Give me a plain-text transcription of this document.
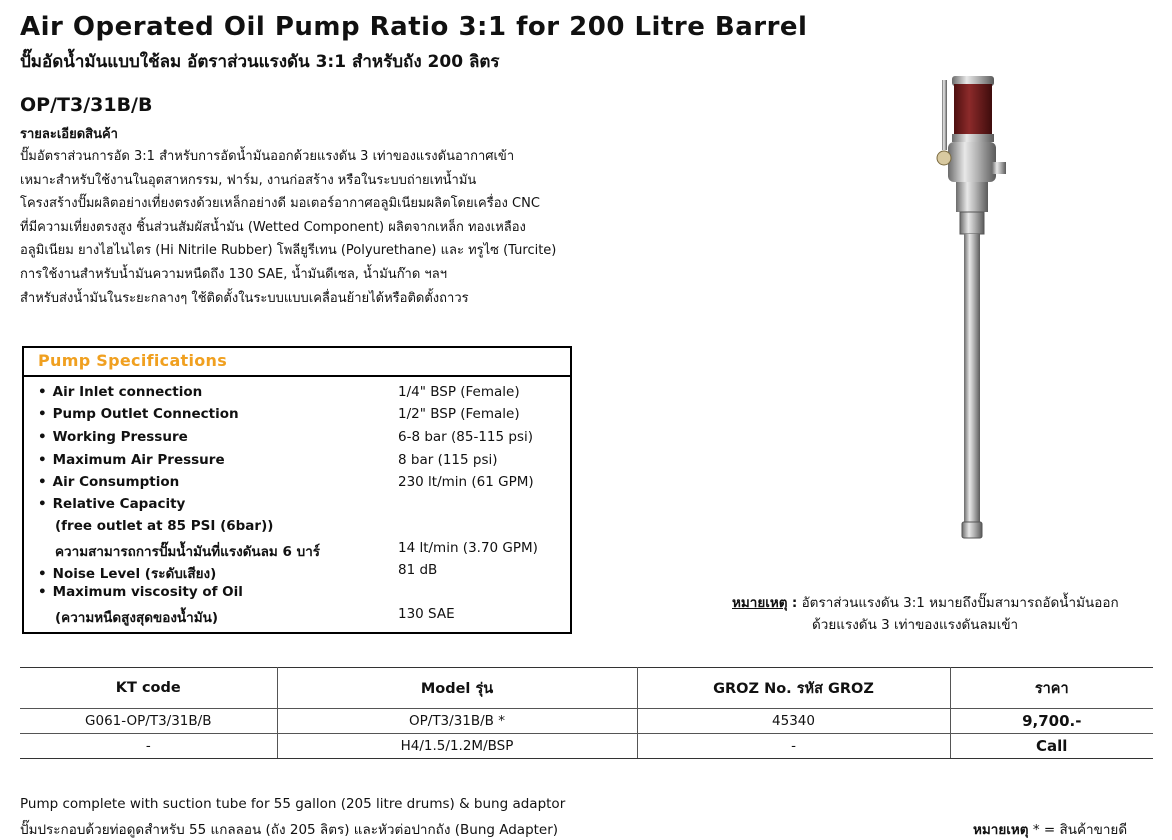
Air Operated Oil Pump Ratio 3:1 for 200 Litre Barrel
ปั๊มอัดน้ำมันแบบใช้ลม อัตราส่วนแรงดัน 3:1 สำหรับถัง 200 ลิตร
OP/T3/31B/B
รายละเอียดสินค้า
ปั๊มอัตราส่วนการอัด 3:1 สำหรับการอัดน้ำมันออกด้วยแรงดัน 3 เท่าของแรงดันอากาศเข้า
เหมาะสำหรับใช้งานในอุตสาหกรรม, ฟาร์ม, งานก่อสร้าง หรือในระบบถ่ายเทน้ำมัน
โครงสร้างปั๊มผลิตอย่างเที่ยงตรงด้วยเหล็กอย่างดี มอเตอร์อากาศอลูมิเนียมผลิตโดยเครื่อง CNC
ที่มีความเที่ยงตรงสูง ชิ้นส่วนสัมผัสน้ำมัน (Wetted Component) ผลิตจากเหล็ก ทองเหลือง
อลูมิเนียม ยางไฮไนไตร (Hi Nitrile Rubber) โพลียูรีเทน (Polyurethane) และ ทรูไซ (Turcite)
การใช้งานสำหรับน้ำมันความหนืดถึง 130 SAE, น้ำมันดีเซล, น้ำมันก๊าด ฯลฯ
สำหรับส่งน้ำมันในระยะกลางๆ ใช้ติดตั้งในระบบแบบเคลื่อนย้ายได้หรือติดตั้งถาวร
Pump Specifications
• Air Inlet connection	1/4" BSP (Female)
• Pump Outlet Connection	1/2" BSP (Female)
• Working Pressure	6-8 bar (85-115 psi)
• Maximum Air Pressure	8 bar (115 psi)
• Air Consumption	230 lt/min (61 GPM)
• Relative Capacity
(free outlet at 85 PSI (6bar))
ความสามารถการปั๊มน้ำมันที่แรงดันลม 6 บาร์	14 lt/min (3.70 GPM)
• Noise Level (ระดับเสียง)	81 dB
• Maximum viscosity of Oil
(ความหนืดสูงสุดของน้ำมัน)	130 SAE
หมายเหตุ : อัตราส่วนแรงดัน 3:1 หมายถึงปั๊มสามารถอัดน้ำมันออก
ด้วยแรงดัน 3 เท่าของแรงดันลมเข้า
KT code	Model รุ่น	GROZ No. รหัส GROZ	ราคา
G061-OP/T3/31B/B	OP/T3/31B/B *	45340	9,700.-
-	H4/1.5/1.2M/BSP	-	Call
Pump complete with suction tube for 55 gallon (205 litre drums) & bung adaptor
ปั๊มประกอบด้วยท่อดูดสำหรับ 55 แกลลอน (ถัง 205 ลิตร) และหัวต่อปากถัง (Bung Adapter)	หมายเหตุ * = สินค้าขายดี
